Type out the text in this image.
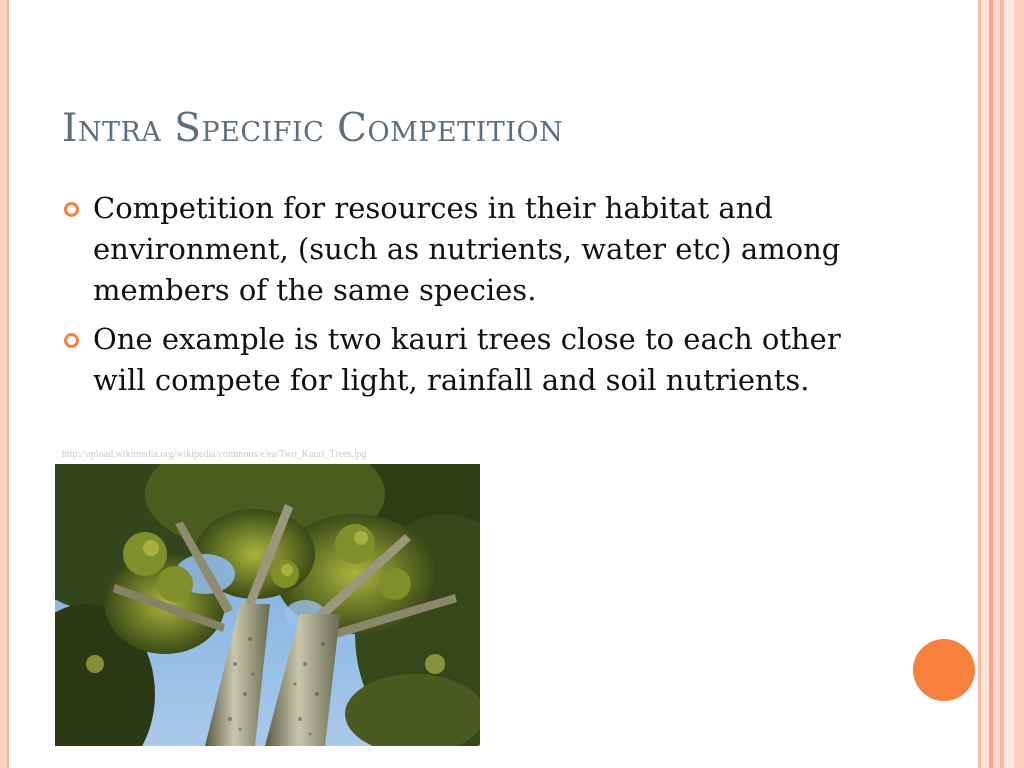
Intra Specific Competition
Competition for resources in their habitat and environment, (such as nutrients, water etc) among members of the same species.
One example is two kauri trees close to each other will compete for light, rainfall and soil nutrients.
http://upload.wikimedia.org/wikipedia/commons/e/ea/Two_Kauri_Trees.jpg
